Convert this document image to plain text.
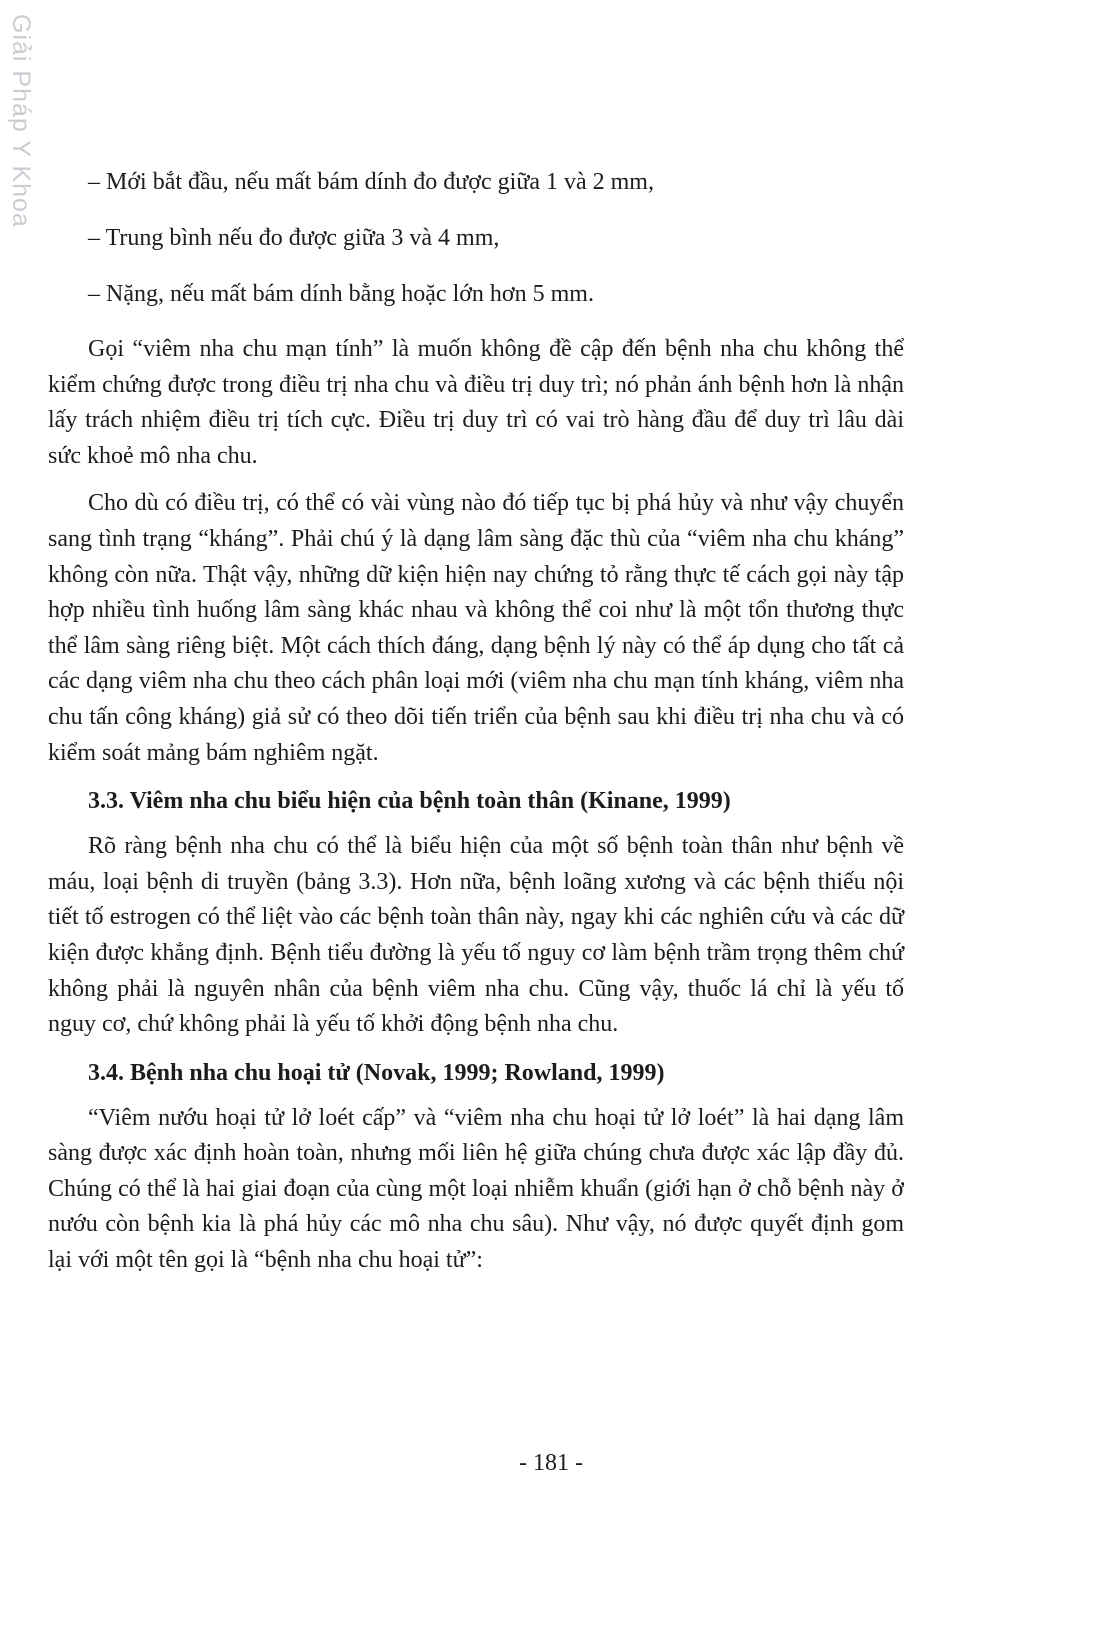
Giải Pháp Y Khoa – Mới bắt đầu, nếu mất bám dính đo được giữa 1 và 2 mm,
– Trung bình nếu đo được giữa 3 và 4 mm,
– Nặng, nếu mất bám dính bằng hoặc lớn hơn 5 mm.

Gọi “viêm nha chu mạn tính” là muốn không đề cập đến bệnh nha chu không thể kiểm chứng được trong điều trị nha chu và điều trị duy trì; nó phản ánh bệnh hơn là nhận lấy trách nhiệm điều trị tích cực. Điều trị duy trì có vai trò hàng đầu để duy trì lâu dài sức khoẻ mô nha chu.

Cho dù có điều trị, có thể có vài vùng nào đó tiếp tục bị phá hủy và như vậy chuyển sang tình trạng “kháng”. Phải chú ý là dạng lâm sàng đặc thù của “viêm nha chu kháng” không còn nữa. Thật vậy, những dữ kiện hiện nay chứng tỏ rằng thực tế cách gọi này tập hợp nhiều tình huống lâm sàng khác nhau và không thể coi như là một tổn thương thực thể lâm sàng riêng biệt. Một cách thích đáng, dạng bệnh lý này có thể áp dụng cho tất cả các dạng viêm nha chu theo cách phân loại mới (viêm nha chu mạn tính kháng, viêm nha chu tấn công kháng) giả sử có theo dõi tiến triển của bệnh sau khi điều trị nha chu và có kiểm soát mảng bám nghiêm ngặt.

3.3. Viêm nha chu biểu hiện của bệnh toàn thân (Kinane, 1999)

Rõ ràng bệnh nha chu có thể là biểu hiện của một số bệnh toàn thân như bệnh về máu, loại bệnh di truyền (bảng 3.3). Hơn nữa, bệnh loãng xương và các bệnh thiếu nội tiết tố estrogen có thể liệt vào các bệnh toàn thân này, ngay khi các nghiên cứu và các dữ kiện được khẳng định. Bệnh tiểu đường là yếu tố nguy cơ làm bệnh trầm trọng thêm chứ không phải là nguyên nhân của bệnh viêm nha chu. Cũng vậy, thuốc lá chỉ là yếu tố nguy cơ, chứ không phải là yếu tố khởi động bệnh nha chu.

3.4. Bệnh nha chu hoại tử (Novak, 1999; Rowland, 1999)

“Viêm nướu hoại tử lở loét cấp” và “viêm nha chu hoại tử lở loét” là hai dạng lâm sàng được xác định hoàn toàn, nhưng mối liên hệ giữa chúng chưa được xác lập đầy đủ. Chúng có thể là hai giai đoạn của cùng một loại nhiễm khuẩn (giới hạn ở chỗ bệnh này ở nướu còn bệnh kia là phá hủy các mô nha chu sâu). Như vậy, nó được quyết định gom lại với một tên gọi là “bệnh nha chu hoại tử”:

- 181 -
